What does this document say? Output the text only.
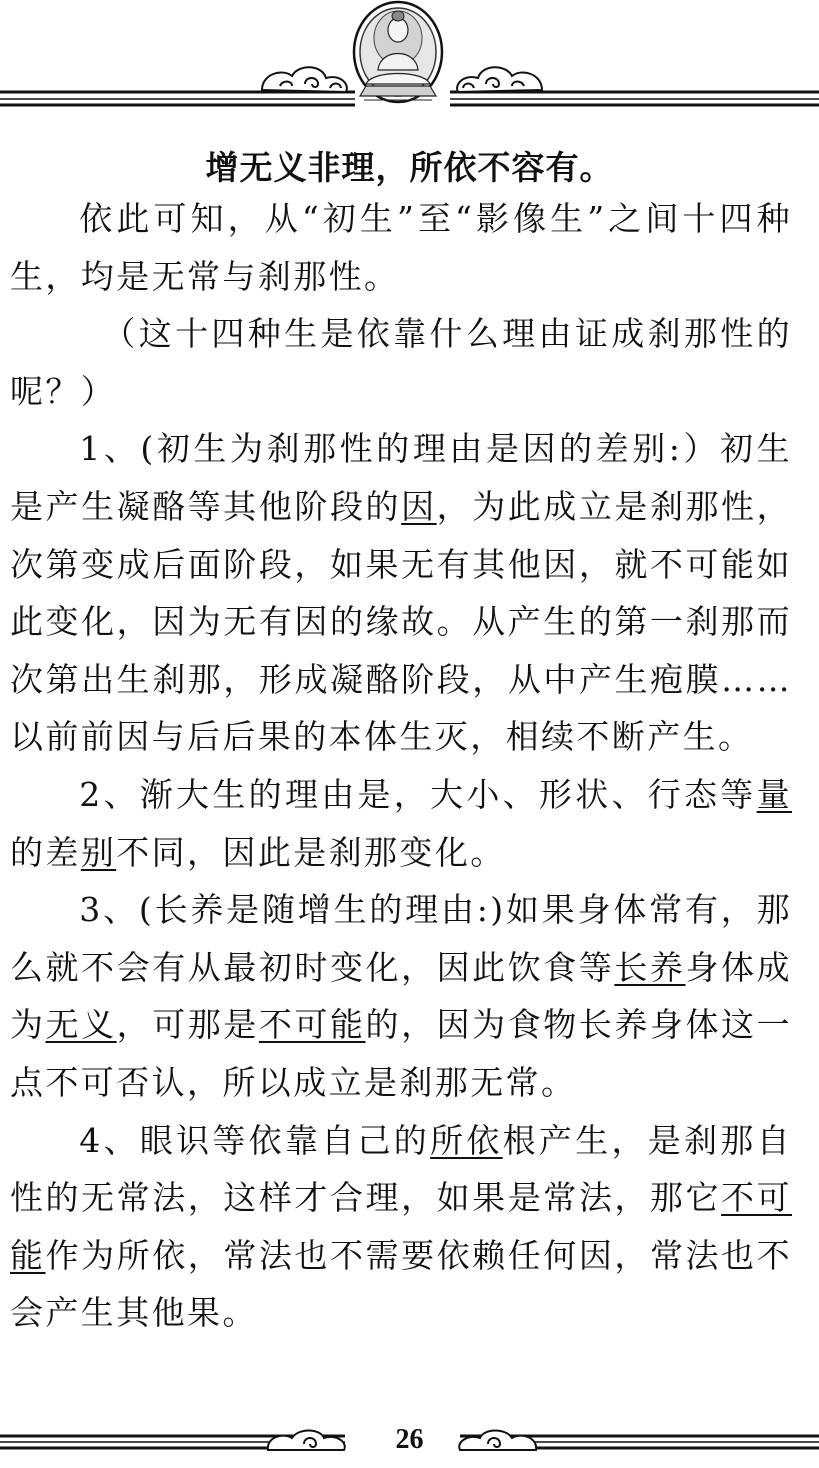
增无义非理，所依不容有。

依此可知，从“初生”至“影像生”之间十四种生，均是无常与刹那性。

（这十四种生是依靠什么理由证成刹那性的呢？）

1、(初生为刹那性的理由是因的差别:）初生是产生凝酪等其他阶段的因，为此成立是刹那性，次第变成后面阶段，如果无有其他因，就不可能如此变化，因为无有因的缘故。从产生的第一刹那而次第出生刹那，形成凝酪阶段，从中产生疱膜……以前前因与后后果的本体生灭，相续不断产生。

2、渐大生的理由是，大小、形状、行态等量的差别不同，因此是刹那变化。

3、(长养是随增生的理由:)如果身体常有，那么就不会有从最初时变化，因此饮食等长养身体成为无义，可那是不可能的，因为食物长养身体这一点不可否认，所以成立是刹那无常。

4、眼识等依靠自己的所依根产生，是刹那自性的无常法，这样才合理，如果是常法，那它不可能作为所依，常法也不需要依赖任何因，常法也不会产生其他果。

26
